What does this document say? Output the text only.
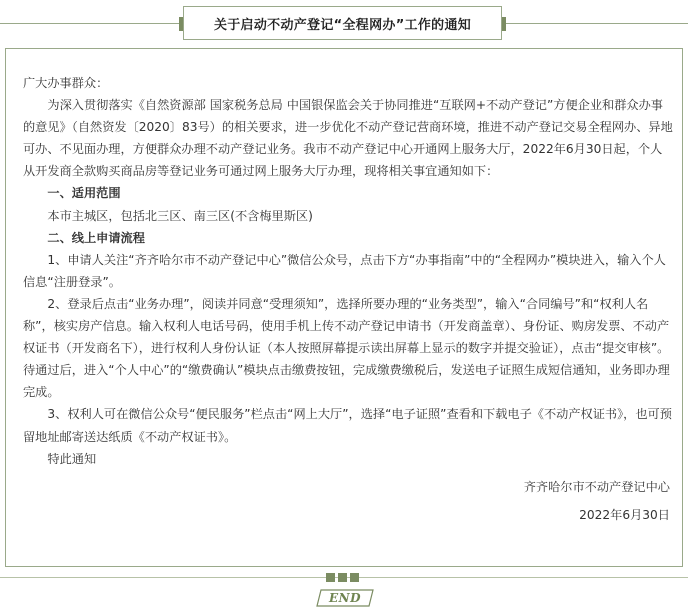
关于启动不动产登记“全程网办”工作的通知

广大办事群众：

为深入贯彻落实《自然资源部 国家税务总局 中国银保监会关于协同推进“互联网+不动产登记”方便企业和群众办事的意见》（自然资发〔2020〕83号）的相关要求，进一步优化不动产登记营商环境，推进不动产登记交易全程网办、异地可办、不见面办理，方便群众办理不动产登记业务。我市不动产登记中心开通网上服务大厅，2022年6月30日起，个人从开发商全款购买商品房等登记业务可通过网上服务大厅办理，现将相关事宜通知如下：

一、适用范围

本市主城区，包括北三区、南三区(不含梅里斯区)

二、线上申请流程

1、申请人关注“齐齐哈尔市不动产登记中心”微信公众号，点击下方“办事指南”中的“全程网办”模块进入，输入个人信息“注册登录”。

2、登录后点击“业务办理”，阅读并同意“受理须知”，选择所要办理的“业务类型”，输入“合同编号”和“权利人名称”，核实房产信息。输入权利人电话号码，使用手机上传不动产登记申请书（开发商盖章）、身份证、购房发票、不动产权证书（开发商名下），进行权利人身份认证（本人按照屏幕提示读出屏幕上显示的数字并提交验证），点击“提交审核”。待通过后，进入“个人中心”的“缴费确认”模块点击缴费按钮，完成缴费缴税后，发送电子证照生成短信通知，业务即办理完成。

3、权利人可在微信公众号“便民服务”栏点击“网上大厅”，选择“电子证照”查看和下载电子《不动产权证书》，也可预留地址邮寄送达纸质《不动产权证书》。

特此通知

齐齐哈尔市不动产登记中心

2022年6月30日

END
